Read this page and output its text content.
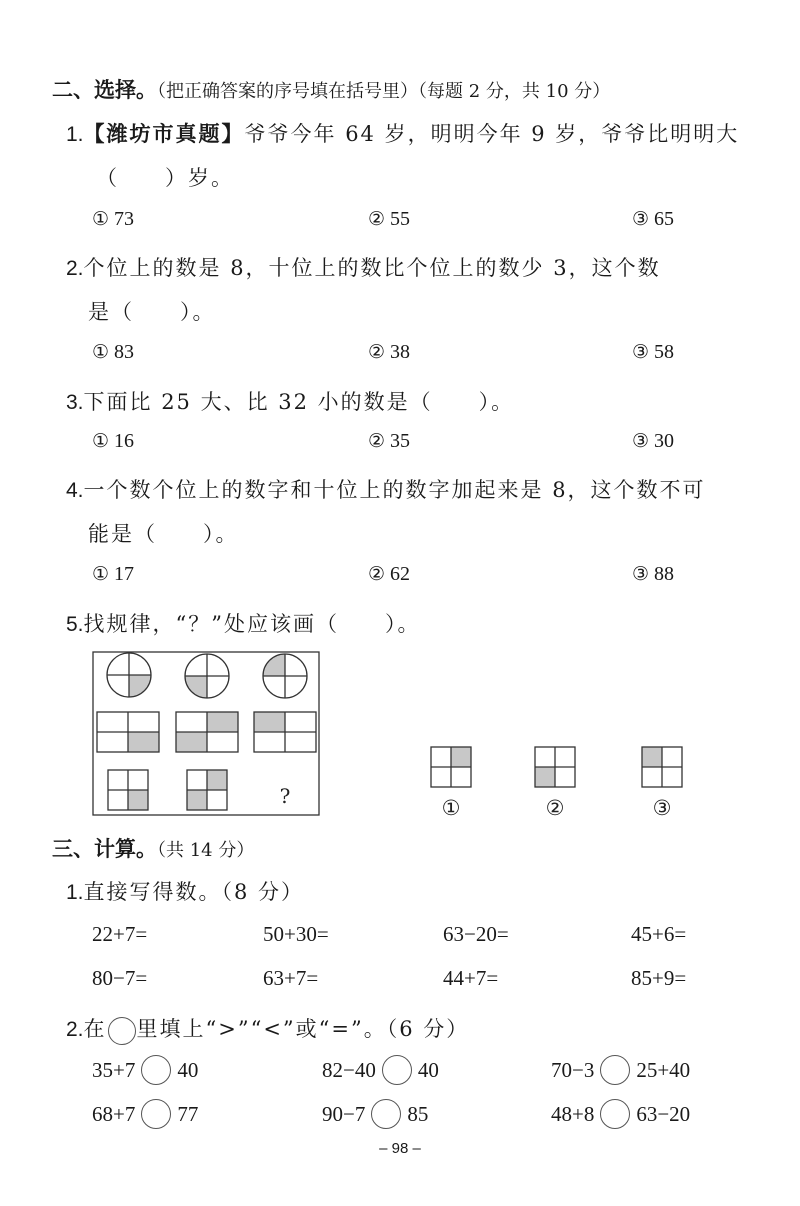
二、选择。（把正确答案的序号填在括号里）（每题 2 分，共 10 分）
1.【潍坊市真题】爷爷今年 64 岁，明明今年 9 岁，爷爷比明明大
（　　）岁。
① 73	② 55	③ 65
2.个位上的数是 8，十位上的数比个位上的数少 3，这个数
是（　　）。
① 83	② 38	③ 58
3.下面比 25 大、比 32 小的数是（　　）。
① 16	② 35	③ 30
4.一个数个位上的数字和十位上的数字加起来是 8，这个数不可
能是（　　）。
① 17	② 62	③ 88
5.找规律，“？”处应该画（　　）。
?	①	②	③
三、计算。（共 14 分）
1.直接写得数。（8 分）
22+7=	50+30=	63−20=	45+6=
80−7=	63+7=	44+7=	85+9=
2.在 里填上“>”“<”或“=”。（6 分）
35+7 40	82−40 40	70−3 25+40
68+7 77	90−7 85	48+8 63−20
– 98 –
